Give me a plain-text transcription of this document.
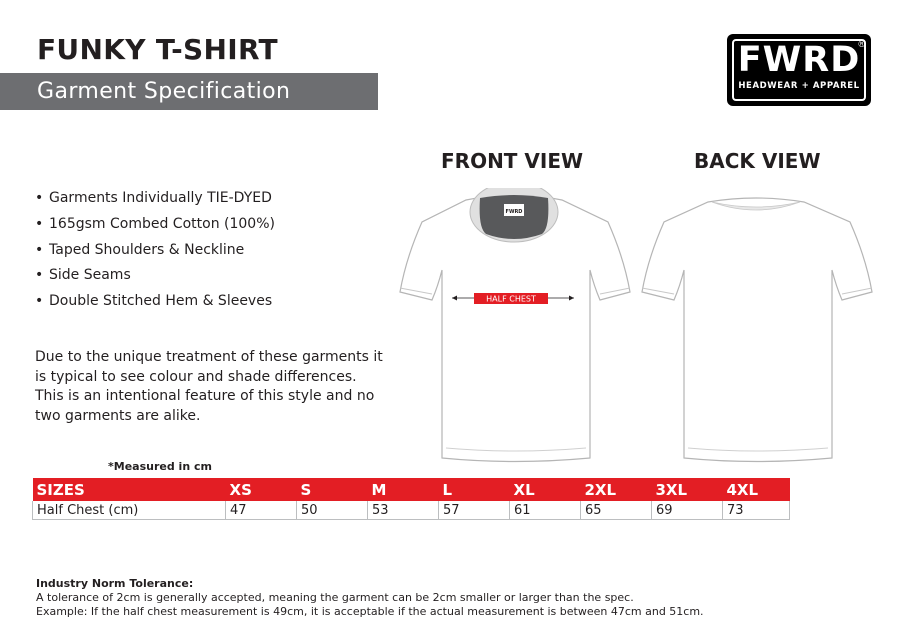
FUNKY T-SHIRT
Garment Specification
FWRD
®
HEADWEAR + APPAREL
• Garments Individually TIE-DYED
• 165gsm Combed Cotton (100%)
• Taped Shoulders & Neckline
• Side Seams
• Double Stitched Hem & Sleeves
Due to the unique treatment of these garments it is typical to see colour and shade differences. This is an intentional feature of this style and no two garments are alike.
FRONT VIEW	BACK VIEW
FWRD
HALF CHEST
*Measured in cm
SIZES	XS	S	M	L	XL	2XL	3XL	4XL
Half Chest (cm)	47	50	53	57	61	65	69	73
Industry Norm Tolerance:
A tolerance of 2cm is generally accepted, meaning the garment can be 2cm smaller or larger than the spec.
Example: If the half chest measurement is 49cm, it is acceptable if the actual measurement is between 47cm and 51cm.
